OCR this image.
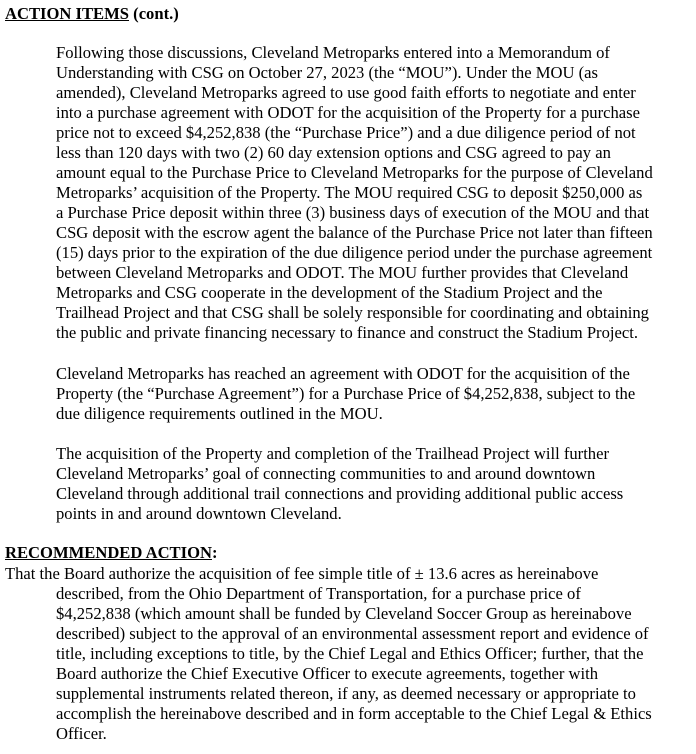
ACTION ITEMS (cont.)
Following those discussions, Cleveland Metroparks entered into a Memorandum of
Understanding with CSG on October 27, 2023 (the “MOU”). Under the MOU (as
amended), Cleveland Metroparks agreed to use good faith efforts to negotiate and enter
into a purchase agreement with ODOT for the acquisition of the Property for a purchase
price not to exceed $4,252,838 (the “Purchase Price”) and a due diligence period of not
less than 120 days with two (2) 60 day extension options and CSG agreed to pay an
amount equal to the Purchase Price to Cleveland Metroparks for the purpose of Cleveland
Metroparks’ acquisition of the Property. The MOU required CSG to deposit $250,000 as
a Purchase Price deposit within three (3) business days of execution of the MOU and that
CSG deposit with the escrow agent the balance of the Purchase Price not later than fifteen
(15) days prior to the expiration of the due diligence period under the purchase agreement
between Cleveland Metroparks and ODOT. The MOU further provides that Cleveland
Metroparks and CSG cooperate in the development of the Stadium Project and the
Trailhead Project and that CSG shall be solely responsible for coordinating and obtaining
the public and private financing necessary to finance and construct the Stadium Project.
Cleveland Metroparks has reached an agreement with ODOT for the acquisition of the
Property (the “Purchase Agreement”) for a Purchase Price of $4,252,838, subject to the
due diligence requirements outlined in the MOU.
The acquisition of the Property and completion of the Trailhead Project will further
Cleveland Metroparks’ goal of connecting communities to and around downtown
Cleveland through additional trail connections and providing additional public access
points in and around downtown Cleveland.
RECOMMENDED ACTION:
That the Board authorize the acquisition of fee simple title of ± 13.6 acres as hereinabove
described, from the Ohio Department of Transportation, for a purchase price of
$4,252,838 (which amount shall be funded by Cleveland Soccer Group as hereinabove
described) subject to the approval of an environmental assessment report and evidence of
title, including exceptions to title, by the Chief Legal and Ethics Officer; further, that the
Board authorize the Chief Executive Officer to execute agreements, together with
supplemental instruments related thereon, if any, as deemed necessary or appropriate to
accomplish the hereinabove described and in form acceptable to the Chief Legal & Ethics
Officer.
